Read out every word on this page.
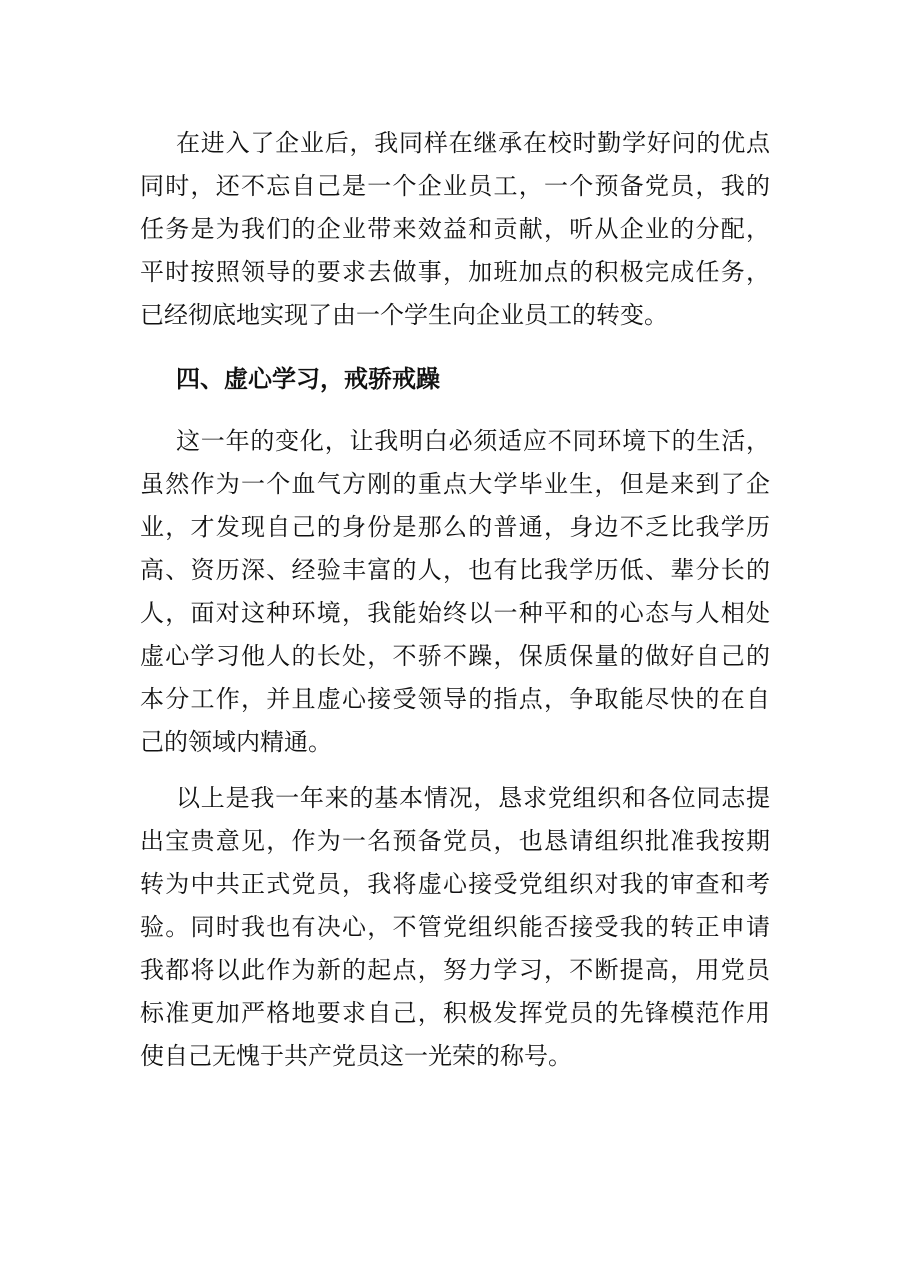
在进入了企业后，我同样在继承在校时勤学好问的优点
同时，还不忘自己是一个企业员工，一个预备党员，我的
任务是为我们的企业带来效益和贡献，听从企业的分配，
平时按照领导的要求去做事，加班加点的积极完成任务，
已经彻底地实现了由一个学生向企业员工的转变。
四、虚心学习，戒骄戒躁
这一年的变化，让我明白必须适应不同环境下的生活，
虽然作为一个血气方刚的重点大学毕业生，但是来到了企
业，才发现自己的身份是那么的普通，身边不乏比我学历
高、资历深、经验丰富的人，也有比我学历低、辈分长的
人，面对这种环境，我能始终以一种平和的心态与人相处
虚心学习他人的长处，不骄不躁，保质保量的做好自己的
本分工作，并且虚心接受领导的指点，争取能尽快的在自
己的领域内精通。
以上是我一年来的基本情况，恳求党组织和各位同志提
出宝贵意见，作为一名预备党员，也恳请组织批准我按期
转为中共正式党员，我将虚心接受党组织对我的审查和考
验。同时我也有决心，不管党组织能否接受我的转正申请
我都将以此作为新的起点，努力学习，不断提高，用党员
标准更加严格地要求自己，积极发挥党员的先锋模范作用
使自己无愧于共产党员这一光荣的称号。
